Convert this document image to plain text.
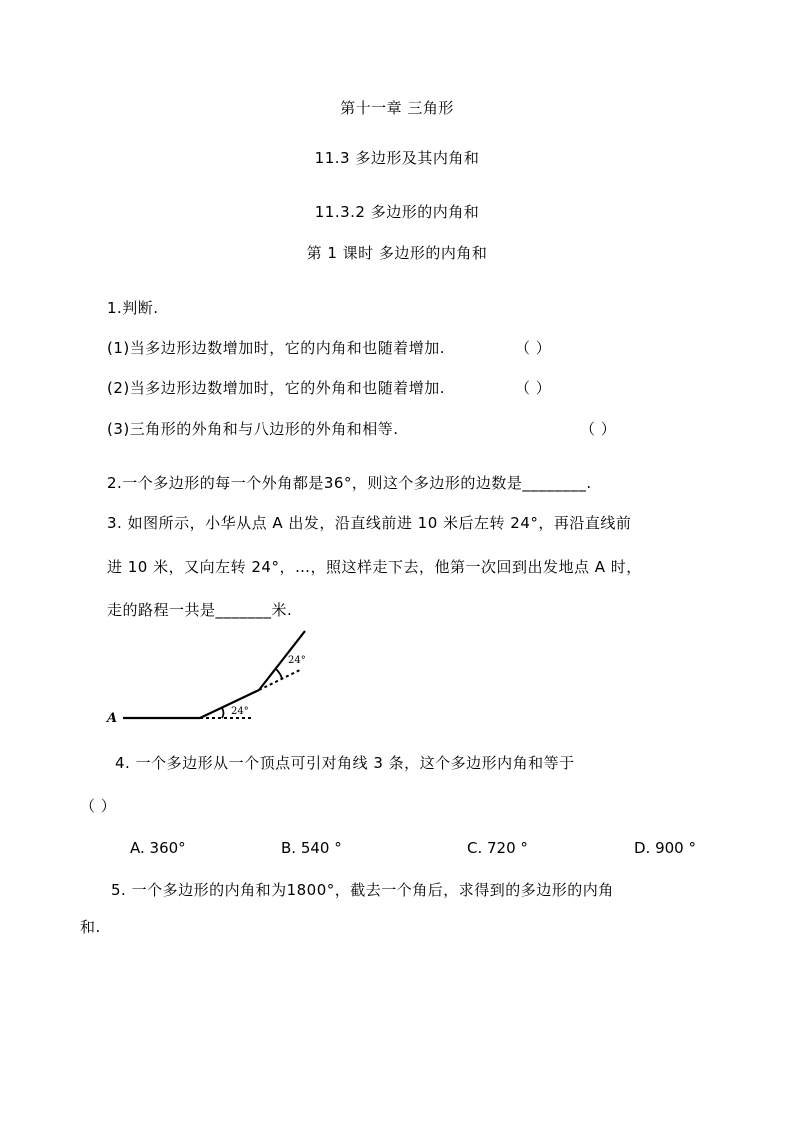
第十一章 三角形
11.3 多边形及其内角和
11.3.2 多边形的内角和
第 1 课时 多边形的内角和
1.判断.
(1)当多边形边数增加时，它的内角和也随着增加.	（ ）
(2)当多边形边数增加时，它的外角和也随着增加.	（ ）
(3)三角形的外角和与八边形的外角和相等.	（ ）
2.一个多边形的每一个外角都是36°，则这个多边形的边数是________.
3. 如图所示，小华从点 A 出发，沿直线前进 10 米后左转 24°，再沿直线前
进 10 米，又向左转 24°，…，照这样走下去，他第一次回到出发地点 A 时，
走的路程一共是_______米.
A	24°
24°
4. 一个多边形从一个顶点可引对角线 3 条，这个多边形内角和等于
（ ）
A. 360°	B. 540 °	C. 720 °	D. 900 °
5. 一个多边形的内角和为1800°，截去一个角后，求得到的多边形的内角
和.
